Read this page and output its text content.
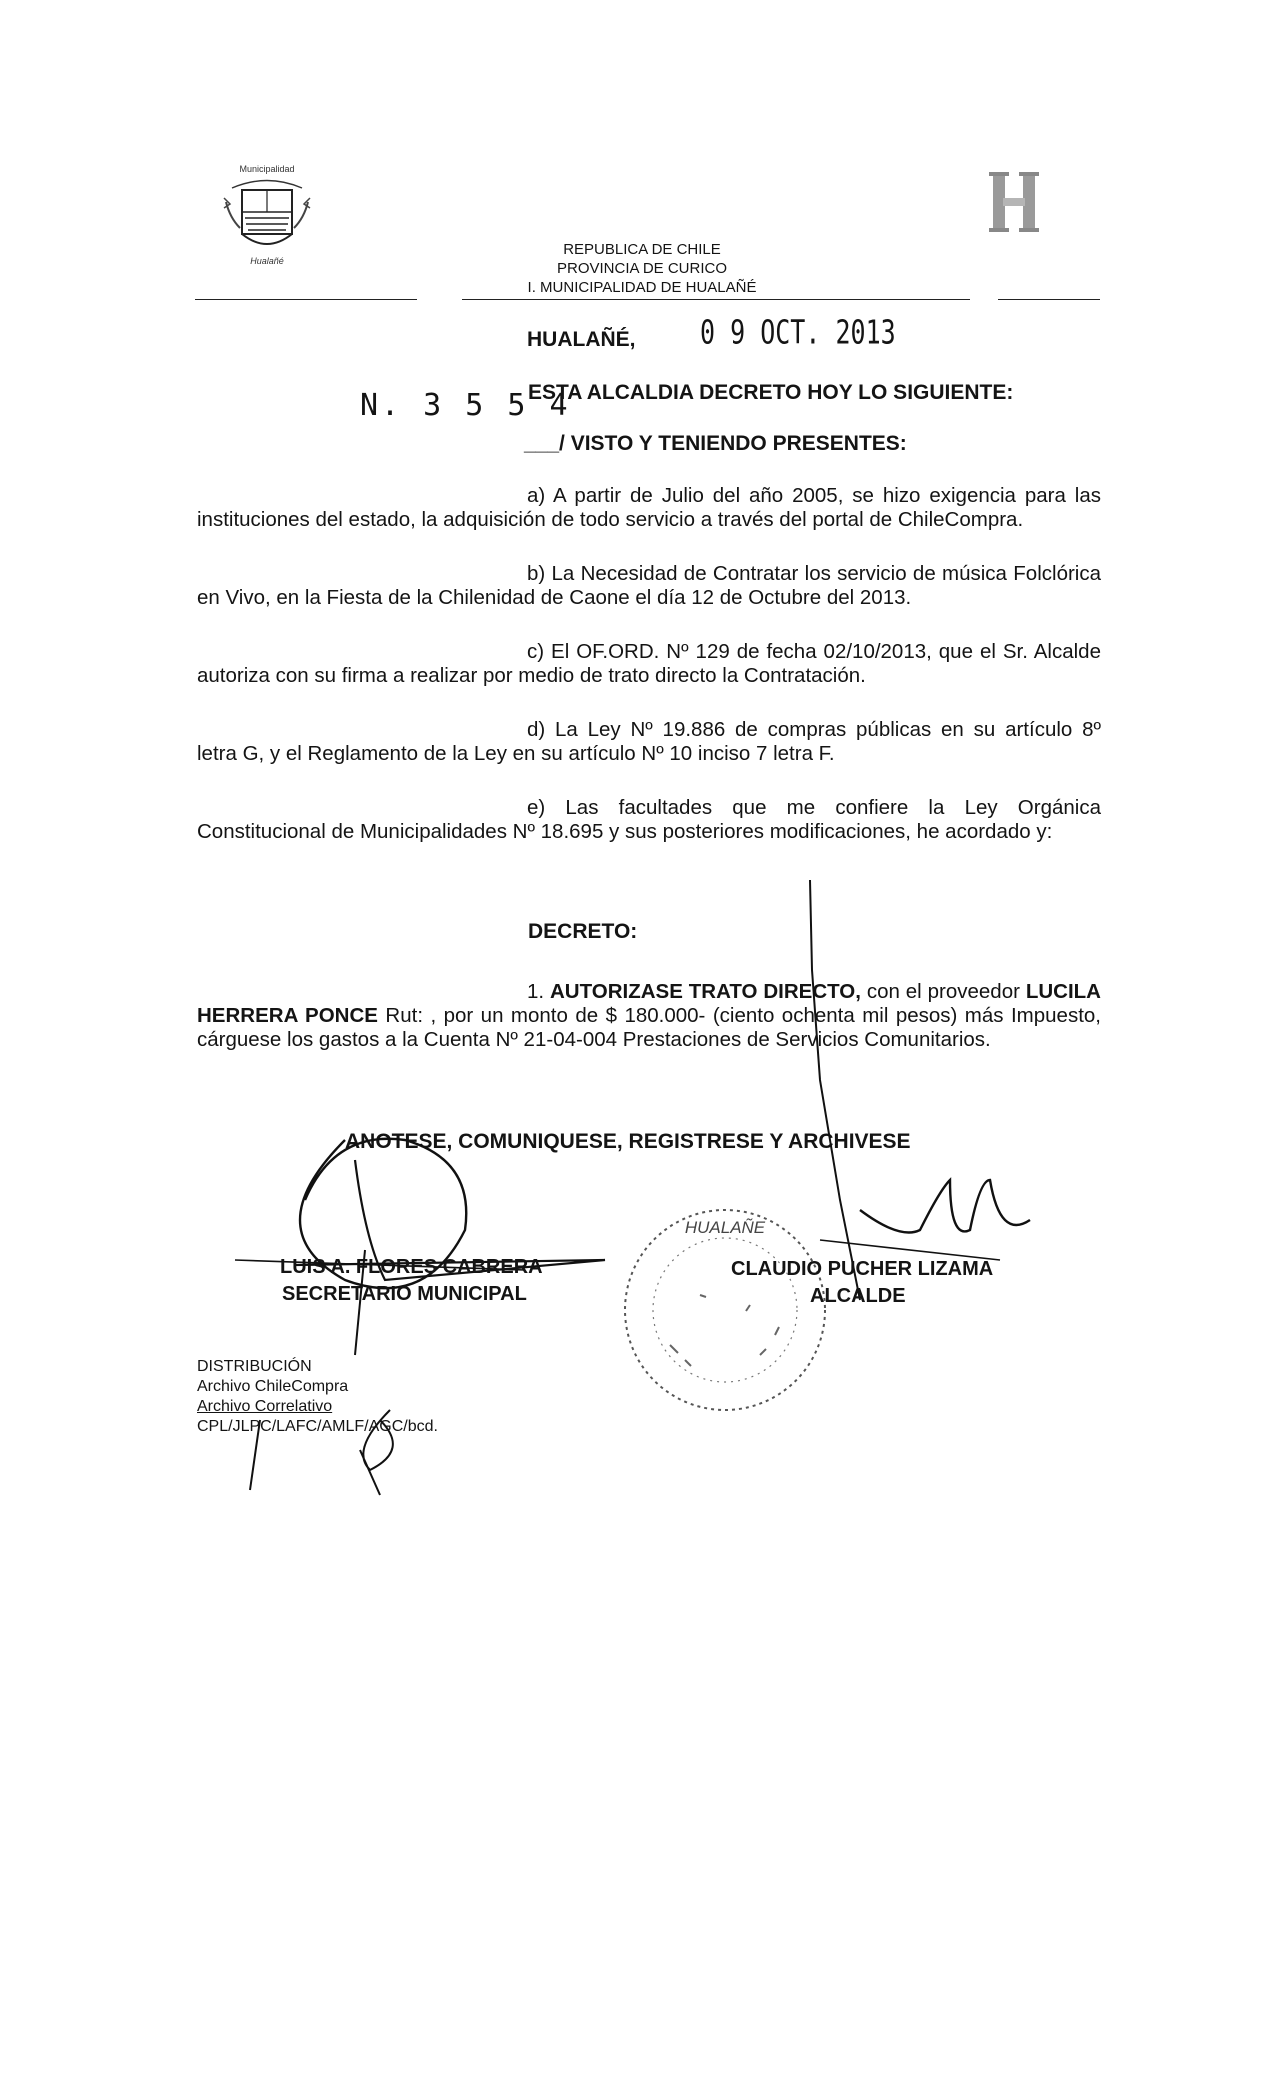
Municipalidad
Hualañé
REPUBLICA DE CHILE
PROVINCIA DE CURICO
I. MUNICIPALIDAD DE HUALAÑÉ
HUALAÑÉ,	0 9 OCT. 2013
N. 3 5 5 4
ESTA ALCALDIA DECRETO HOY LO SIGUIENTE:
___/ VISTO Y TENIENDO PRESENTES:

a) A partir de Julio del año 2005, se hizo exigencia para las instituciones del estado, la adquisición de todo servicio a través del portal de ChileCompra.

b) La Necesidad de Contratar los servicio de música Folclórica en Vivo, en la Fiesta de la Chilenidad de Caone el día 12 de Octubre del 2013.

c) El OF.ORD. Nº 129 de fecha 02/10/2013, que el Sr. Alcalde autoriza con su firma a realizar por medio de trato directo la Contratación.

d) La Ley Nº 19.886 de compras públicas en su artículo 8º letra G, y el Reglamento de la Ley en su artículo Nº 10 inciso 7 letra F.

e) Las facultades que me confiere la Ley Orgánica Constitucional de Municipalidades Nº 18.695 y sus posteriores modificaciones, he acordado y:

DECRETO:

1. AUTORIZASE TRATO DIRECTO, con el proveedor LUCILA HERRERA PONCE Rut: , por un monto de $ 180.000- (ciento ochenta mil pesos) más Impuesto, cárguese los gastos a la Cuenta Nº 21-04-004 Prestaciones de Servicios Comunitarios.

ANOTESE, COMUNIQUESE, REGISTRESE Y ARCHIVESE
HUALAÑE
LUIS A. FLORES CABRERA
SECRETARIO MUNICIPAL
CLAUDIO PUCHER LIZAMA
ALCALDE
DISTRIBUCIÓN
Archivo ChileCompra
Archivo Correlativo
CPL/JLPC/LAFC/AMLF/AGC/bcd.
